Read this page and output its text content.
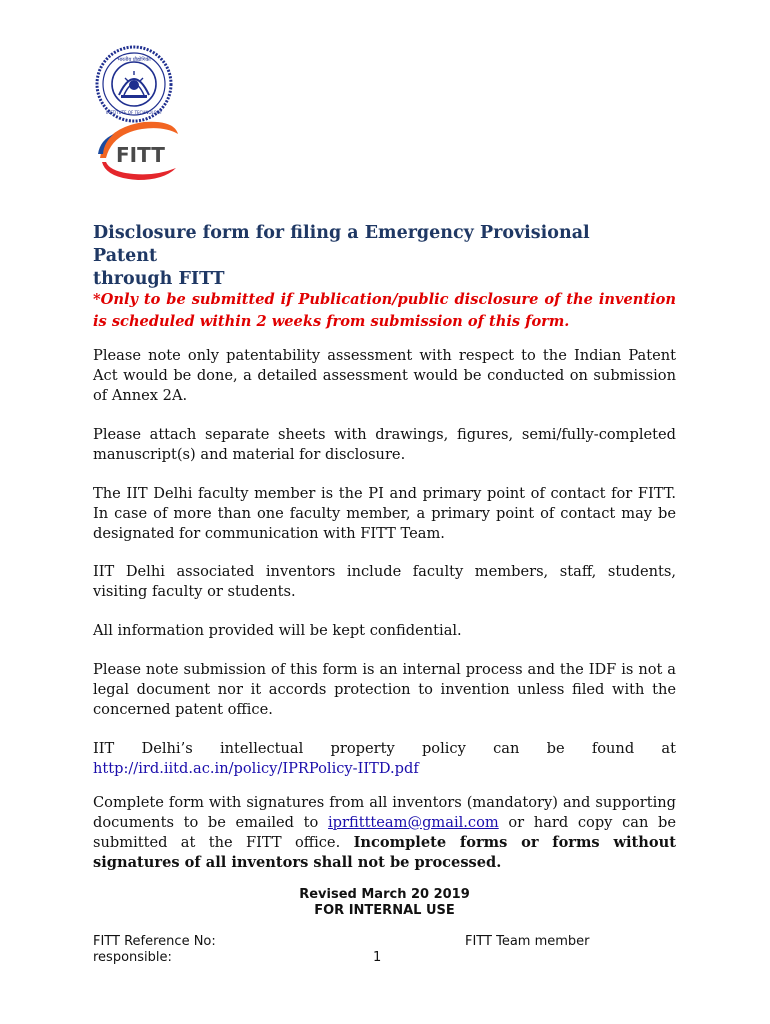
भारतीय प्रौद्योगिकी
INSTITUTE OF TECHNOLOGY
FITT
Disclosure form for filing a Emergency Provisional Patent
through FITT
*Only to be submitted if Publication/public disclosure of the invention is scheduled within 2 weeks from submission of this form.

Please note only patentability assessment with respect to the Indian Patent Act would be done, a detailed assessment would be conducted on submission of Annex 2A.

Please attach separate sheets with drawings, figures, semi/fully-completed manuscript(s) and material for disclosure.

The IIT Delhi faculty member is the PI and primary point of contact for FITT. In case of more than one faculty member, a primary point of contact may be designated for communication with FITT Team.

IIT Delhi associated inventors include faculty members, staff, students, visiting faculty or students.

All information provided will be kept confidential.

Please note submission of this form is an internal process and the IDF is not a legal document nor it accords protection to invention unless filed with the concerned patent office.

IIT Delhi’s intellectual property policy can be found at
http://ird.iitd.ac.in/policy/IPRPolicy-IITD.pdf

Complete form with signatures from all inventors (mandatory) and supporting documents to be emailed to iprfittteam@gmail.com or hard copy can be submitted at the FITT office. Incomplete forms or forms without signatures of all inventors shall not be processed.

Revised March 20 2019
FOR INTERNAL USE
FITT Reference No:	FITT Team member
responsible:	1
